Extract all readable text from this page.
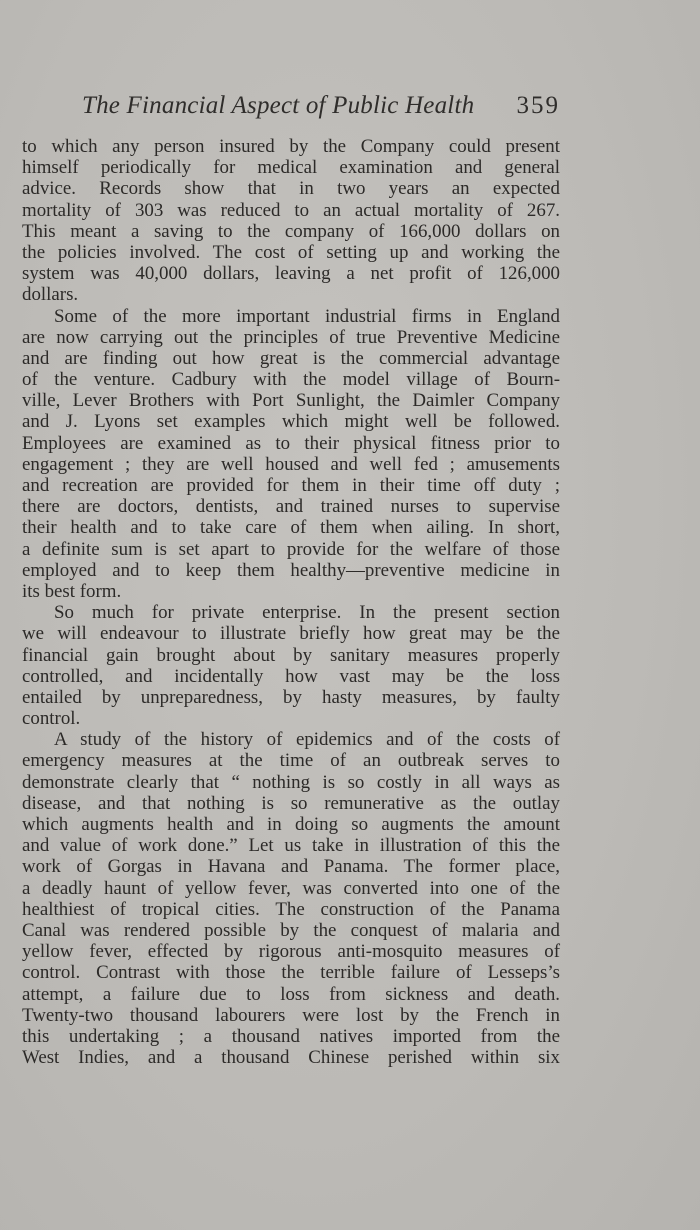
The Financial Aspect of Public Health 359
to which any person insured by the Company could present
himself periodically for medical examination and general
advice. Records show that in two years an expected
mortality of 303 was reduced to an actual mortality of 267.
This meant a saving to the company of 166,000 dollars on
the policies involved. The cost of setting up and working the
system was 40,000 dollars, leaving a net profit of 126,000
dollars.
Some of the more important industrial firms in England
are now carrying out the principles of true Preventive Medicine
and are finding out how great is the commercial advantage
of the venture. Cadbury with the model village of Bourn-
ville, Lever Brothers with Port Sunlight, the Daimler Company
and J. Lyons set examples which might well be followed.
Employees are examined as to their physical fitness prior to
engagement ; they are well housed and well fed ; amusements
and recreation are provided for them in their time off duty ;
there are doctors, dentists, and trained nurses to supervise
their health and to take care of them when ailing. In short,
a definite sum is set apart to provide for the welfare of those
employed and to keep them healthy—preventive medicine in
its best form.
So much for private enterprise. In the present section
we will endeavour to illustrate briefly how great may be the
financial gain brought about by sanitary measures properly
controlled, and incidentally how vast may be the loss
entailed by unpreparedness, by hasty measures, by faulty
control.
A study of the history of epidemics and of the costs of
emergency measures at the time of an outbreak serves to
demonstrate clearly that “ nothing is so costly in all ways as
disease, and that nothing is so remunerative as the outlay
which augments health and in doing so augments the amount
and value of work done.” Let us take in illustration of this the
work of Gorgas in Havana and Panama. The former place,
a deadly haunt of yellow fever, was converted into one of the
healthiest of tropical cities. The construction of the Panama
Canal was rendered possible by the conquest of malaria and
yellow fever, effected by rigorous anti-mosquito measures of
control. Contrast with those the terrible failure of Lesseps’s
attempt, a failure due to loss from sickness and death.
Twenty-two thousand labourers were lost by the French in
this undertaking ; a thousand natives imported from the
West Indies, and a thousand Chinese perished within six
